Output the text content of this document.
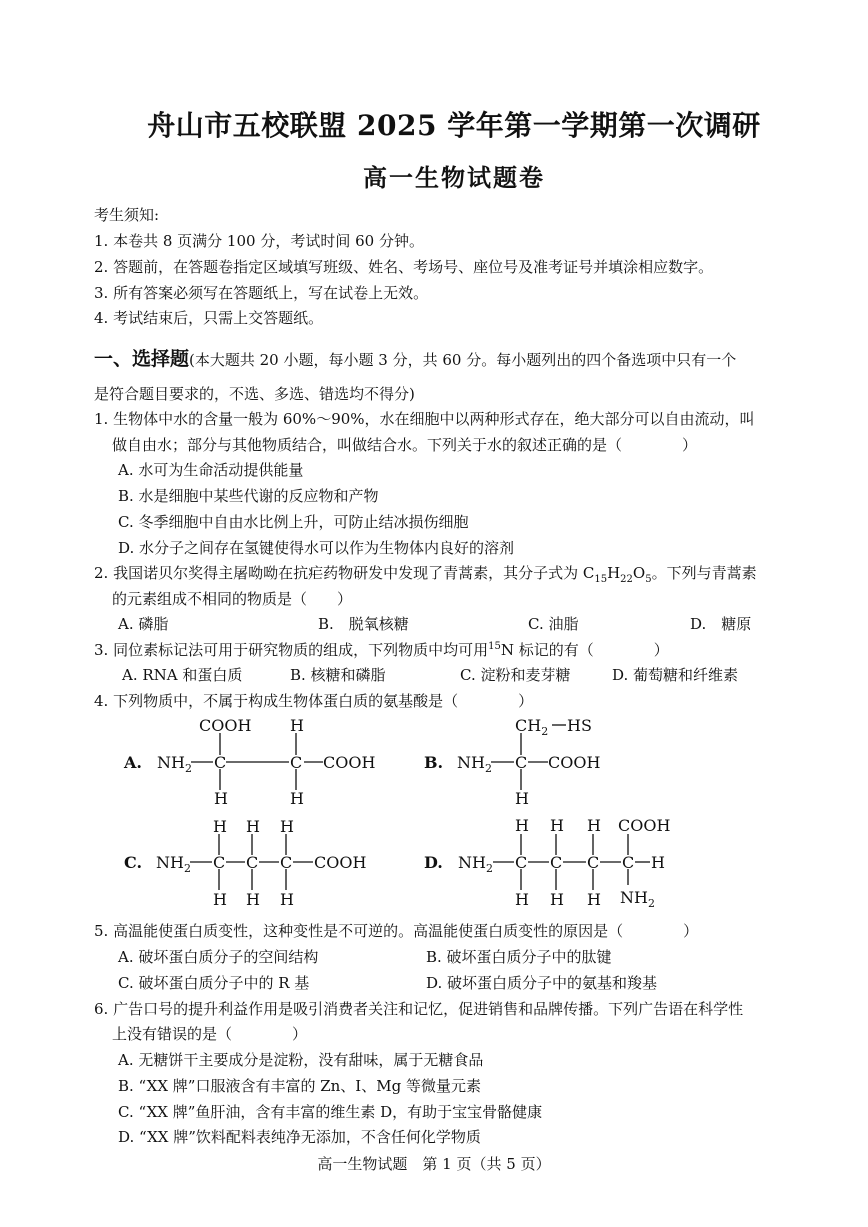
舟山市五校联盟 2025 学年第一学期第一次调研
高一生物试题卷
考生须知:
1. 本卷共 8 页满分 100 分，考试时间 60 分钟。
2. 答题前，在答题卷指定区域填写班级、姓名、考场号、座位号及准考证号并填涂相应数字。
3. 所有答案必须写在答题纸上，写在试卷上无效。
4. 考试结束后，只需上交答题纸。
一、选择题(本大题共 20 小题，每小题 3 分，共 60 分。每小题列出的四个备选项中只有一个
是符合题目要求的，不选、多选、错选均不得分)
1. 生物体中水的含量一般为 60%～90%，水在细胞中以两种形式存在，绝大部分可以自由流动，叫
做自由水；部分与其他物质结合，叫做结合水。下列关于水的叙述正确的是（　　　　）
A. 水可为生命活动提供能量
B. 水是细胞中某些代谢的反应物和产物
C. 冬季细胞中自由水比例上升，可防止结冰损伤细胞
D. 水分子之间存在氢键使得水可以作为生物体内良好的溶剂
2. 我国诺贝尔奖得主屠呦呦在抗疟药物研发中发现了青蒿素，其分子式为 $C_{15}H_{22}O_5$。下列与青蒿素
的元素组成不相同的物质是（　　）
A. 磷脂	B.　脱氧核糖	C. 油脂	D.　糖原
3. 同位素标记法可用于研究物质的组成，下列物质中均可用$^{15}$N 标记的有（　　　　）
A. RNA 和蛋白质	B. 核糖和磷脂	C. 淀粉和麦芽糖	D. 葡萄糖和纤维素
4. 下列物质中，不属于构成生物体蛋白质的氨基酸是（　　　　）
A.	B.
C.	D.
$NH_2$ C	C COOH
COOH H
H	H
$NH_2$ C COOH
$CH_2$ HS
H
$NH_2$ C C C COOH
H H H
H H H
$NH_2$ C C C C H
H H H COOH
H H H $NH_2$
5. 高温能使蛋白质变性，这种变性是不可逆的。高温能使蛋白质变性的原因是（　　　　）
A. 破坏蛋白质分子的空间结构	B. 破坏蛋白质分子中的肽键
C. 破坏蛋白质分子中的 R 基	D. 破坏蛋白质分子中的氨基和羧基
6. 广告口号的提升利益作用是吸引消费者关注和记忆，促进销售和品牌传播。下列广告语在科学性
上没有错误的是（　　　　）
A. 无糖饼干主要成分是淀粉，没有甜味，属于无糖食品
B. “XX 牌”口服液含有丰富的 Zn、I、Mg 等微量元素
C. “XX 牌”鱼肝油，含有丰富的维生素 D，有助于宝宝骨骼健康
D. “XX 牌”饮料配料表纯净无添加，不含任何化学物质
高一生物试题　第 1 页（共 5 页）
